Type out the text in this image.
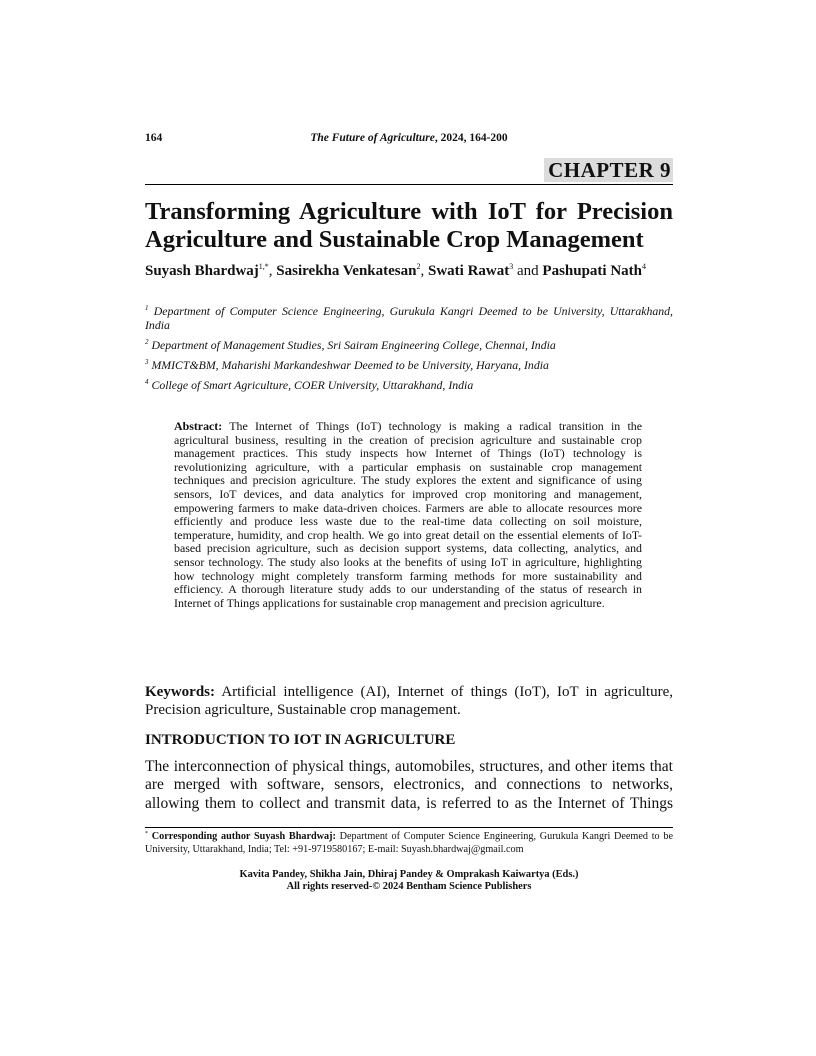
164	The Future of Agriculture, 2024, 164-200
CHAPTER 9
Transforming Agriculture with IoT for Precision Agriculture and Sustainable Crop Management
Suyash Bhardwaj$^{1,*}$, Sasirekha Venkatesan$^2$, Swati Rawat$^3$ and Pashupati Nath$^4$
$^1$ Department of Computer Science Engineering, Gurukula Kangri Deemed to be University, Uttarakhand, India
$^2$ Department of Management Studies, Sri Sairam Engineering College, Chennai, India
$^3$ MMICT&BM, Maharishi Markandeshwar Deemed to be University, Haryana, India
$^4$ College of Smart Agriculture, COER University, Uttarakhand, India
Abstract: The Internet of Things (IoT) technology is making a radical transition in the agricultural business, resulting in the creation of precision agriculture and sustainable crop management practices. This study inspects how Internet of Things (IoT) technology is revolutionizing agriculture, with a particular emphasis on sustainable crop management techniques and precision agriculture. The study explores the extent and significance of using sensors, IoT devices, and data analytics for improved crop monitoring and management, empowering farmers to make data-driven choices. Farmers are able to allocate resources more efficiently and produce less waste due to the real-time data collecting on soil moisture, temperature, humidity, and crop health. We go into great detail on the essential elements of IoT-based precision agriculture, such as decision support systems, data collecting, analytics, and sensor technology. The study also looks at the benefits of using IoT in agriculture, highlighting how technology might completely transform farming methods for more sustainability and efficiency. A thorough literature study adds to our understanding of the status of research in Internet of Things applications for sustainable crop management and precision agriculture.
Keywords: Artificial intelligence (AI), Internet of things (IoT), IoT in agriculture, Precision agriculture, Sustainable crop management.
INTRODUCTION TO IOT IN AGRICULTURE
The interconnection of physical things, automobiles, structures, and other items that are merged with software, sensors, electronics, and connections to networks, allowing them to collect and transmit data, is referred to as the Internet of Things
* Corresponding author Suyash Bhardwaj: Department of Computer Science Engineering, Gurukula Kangri Deemed to be University, Uttarakhand, India; Tel: +91-9719580167; E-mail: Suyash.bhardwaj@gmail.com
Kavita Pandey, Shikha Jain, Dhiraj Pandey & Omprakash Kaiwartya (Eds.)
All rights reserved-© 2024 Bentham Science Publishers
